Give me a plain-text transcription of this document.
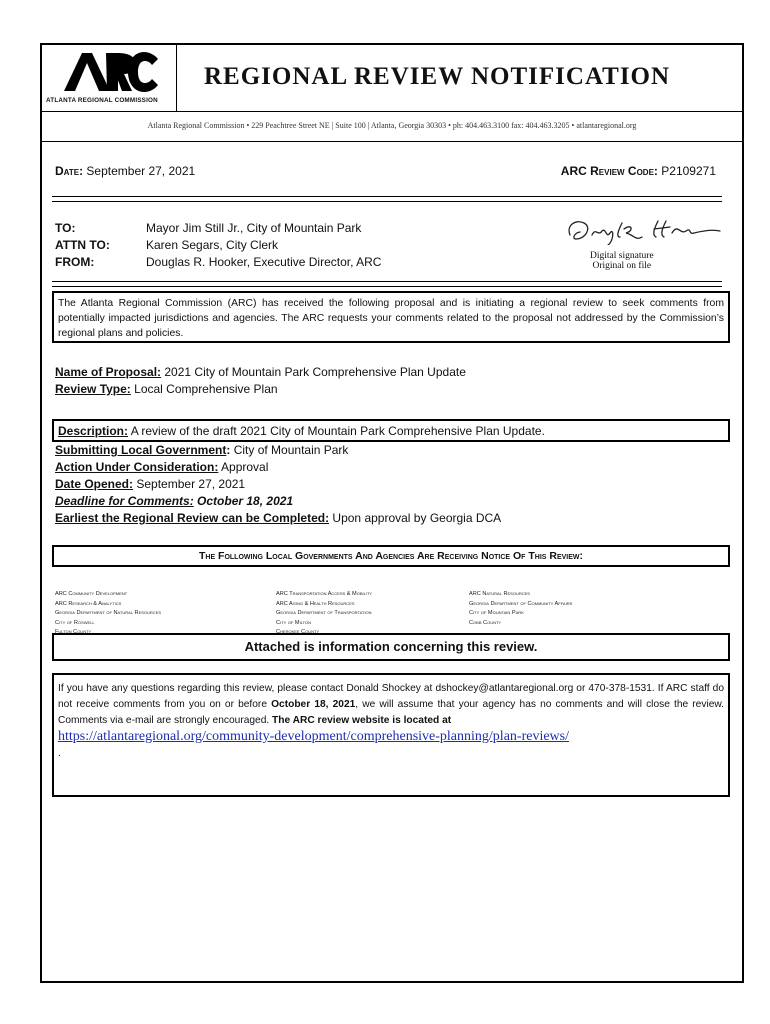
ATLANTA REGIONAL COMMISSION
REGIONAL REVIEW NOTIFICATION
Atlanta Regional Commission • 229 Peachtree Street NE | Suite 100 | Atlanta, Georgia 30303 • ph: 404.463.3100 fax: 404.463.3205 • atlantaregional.org
Date: September 27, 2021	ARC Review Code: P2109271
TO:	Mayor Jim Still Jr., City of Mountain Park
ATTN TO:	Karen Segars, City Clerk
FROM:	Douglas R. Hooker, Executive Director, ARC	Digital signature
Original on file
The Atlanta Regional Commission (ARC) has received the following proposal and is initiating a regional review to seek comments from potentially impacted jurisdictions and agencies. The ARC requests your comments related to the proposal not addressed by the Commission’s regional plans and policies.
Name of Proposal: 2021 City of Mountain Park Comprehensive Plan Update
Review Type: Local Comprehensive Plan
Description: A review of the draft 2021 City of Mountain Park Comprehensive Plan Update.
Submitting Local Government: City of Mountain Park
Action Under Consideration: Approval
Date Opened: September 27, 2021
Deadline for Comments: October 18, 2021
Earliest the Regional Review can be Completed: Upon approval by Georgia DCA
The Following Local Governments And Agencies Are Receiving Notice Of This Review:
ARC Community Development
ARC Research & Analytics
Georgia Department of Natural Resources
City of Roswell
Fulton County
ARC Transportation Access & Mobility
ARC Aging & Health Resources
Georgia Department of Transportation
City of Milton
Cherokee County
ARC Natural Resources
Georgia Department of Community Affairs
City of Mountain Park
Cobb County
Attached is information concerning this review.
If you have any questions regarding this review, please contact Donald Shockey at dshockey@atlantaregional.org or 470-378-1531. If ARC staff do not receive comments from you on or before October 18, 2021, we will assume that your agency has no comments and will close the review. Comments via e-mail are strongly encouraged. The ARC review website is located at
https://atlantaregional.org/community-development/comprehensive-planning/plan-reviews/
.
